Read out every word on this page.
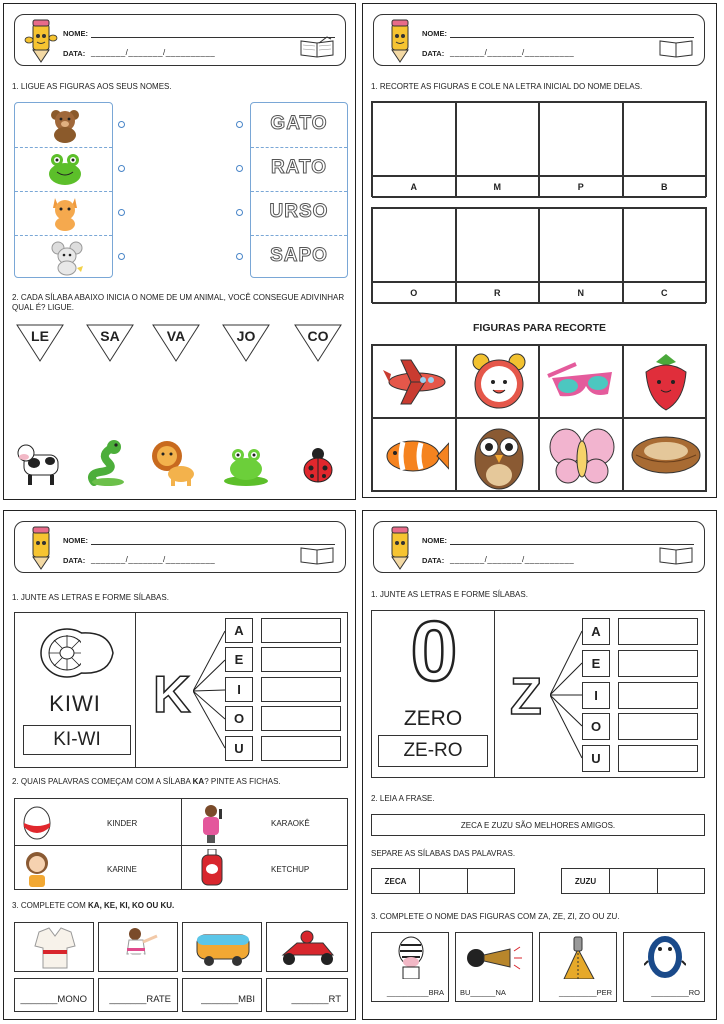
NOME:
DATA: _______/_______/__________
1. LIGUE AS FIGURAS AOS SEUS NOMES.
GATO
RATO
URSO
SAPO
2. CADA SÍLABA ABAIXO INICIA O NOME DE UM ANIMAL, VOCÊ CONSEGUE ADIVINHAR QUAL É? LIGUE.
LE	SA	VA	JO	CO
NOME:
DATA: _______/_______/__________
1. RECORTE AS FIGURAS E COLE NA LETRA INICIAL DO NOME DELAS.
A	M	P	B
O	R	N	C
FIGURAS PARA RECORTE
NOME:
DATA: _______/_______/__________
1. JUNTE AS LETRAS E FORME SÍLABAS.
KIWI
KI-WI
K
A
E
I
O
U
2. QUAIS PALAVRAS COMEÇAM COM A SÍLABA KA? PINTE AS FICHAS.
KINDER	KARAOKÊ
KARINE	KETCHUP
3. COMPLETE COM KA, KE, KI, KO OU KU.
_______MONO _______RATE	_______MBI	_______RT
NOME:
DATA: _______/_______/__________
1. JUNTE AS LETRAS E FORME SÍLABAS.
0
ZERO
ZE-RO
Z
A
E
I
O
U
2. LEIA A FRASE.
ZECA E ZUZU SÃO MELHORES AMIGOS.
SEPARE AS SÍLABAS DAS PALAVRAS.
ZECA	ZUZU
3. COMPLETE O NOME DAS FIGURAS COM ZA, ZE, ZI, ZO OU ZU.
__________BRA BU______NA	_________PER	_________RO
